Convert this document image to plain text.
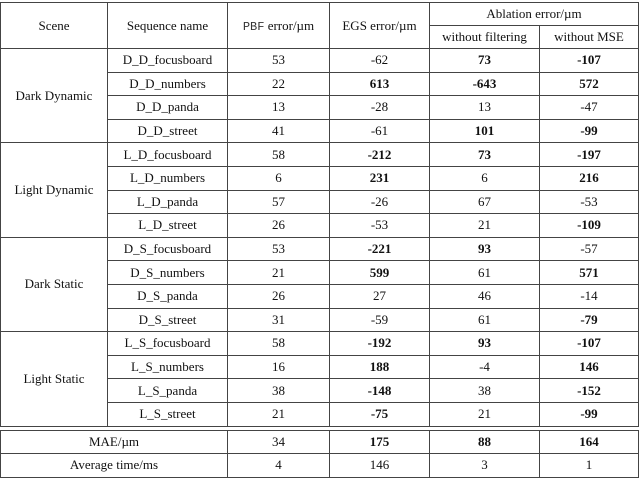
Scene	Sequence name	PBF error/µm	EGS error/µm	Ablation error/µm	
				without filtering	without MSE
Dark Dynamic	D_D_focusboard	53	-62	73	-107
	D_D_numbers	22	613	-643	572
	D_D_panda	13	-28	13	-47
	D_D_street	41	-61	101	-99
Light Dynamic	L_D_focusboard	58	-212	73	-197
	L_D_numbers	6	231	6	216
	L_D_panda	57	-26	67	-53
	L_D_street	26	-53	21	-109
Dark Static	D_S_focusboard	53	-221	93	-57
	D_S_numbers	21	599	61	571
	D_S_panda	26	27	46	-14
	D_S_street	31	-59	61	-79
Light Static	L_S_focusboard	58	-192	93	-107
	L_S_numbers	16	188	-4	146
	L_S_panda	38	-148	38	-152
	L_S_street	21	-75	21	-99

MAE/µm		34	175	88	164
Average time/ms		4	146	3	1
